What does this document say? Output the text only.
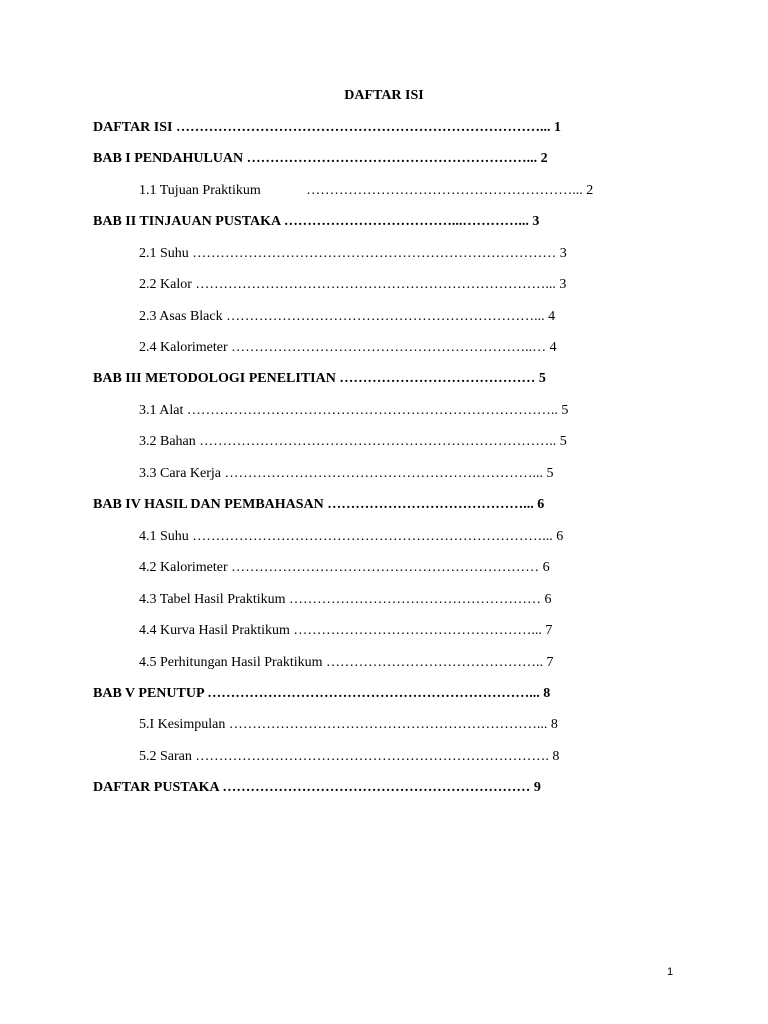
DAFTAR ISI
DAFTAR ISI ……………………………………………………………………... 1
BAB I PENDAHULUAN ……………………………………………………... 2
1.1 Tujuan Praktikum             …………………………………………………... 2
BAB II TINJAUAN PUSTAKA ………………………………...…………... 3
2.1 Suhu …………………………………………………………………… 3
2.2 Kalor …………………………………………………………………... 3
2.3 Asas Black …………………………………………………………... 4
2.4 Kalorimeter ………………………………………………………..… 4
BAB III METODOLOGI PENELITIAN …………………………………… 5
3.1 Alat …………………………………………………………………….. 5
3.2 Bahan ………………………………………………………………….. 5
3.3 Cara Kerja …………………………………………………………... 5
BAB IV HASIL DAN PEMBAHASAN ……………………………………... 6
4.1 Suhu …………………………………………………………………... 6
4.2 Kalorimeter ………………………………………………………… 6
4.3 Tabel Hasil Praktikum ……………………………………………… 6
4.4 Kurva Hasil Praktikum ……………………………………………... 7
4.5 Perhitungan Hasil Praktikum ……………………………………….. 7
BAB V PENUTUP ……………………………………………………………... 8
5.I Kesimpulan …………………………………………………………... 8
5.2 Saran …………………………………………………………………. 8
DAFTAR PUSTAKA ………………………………………………………… 9
1
